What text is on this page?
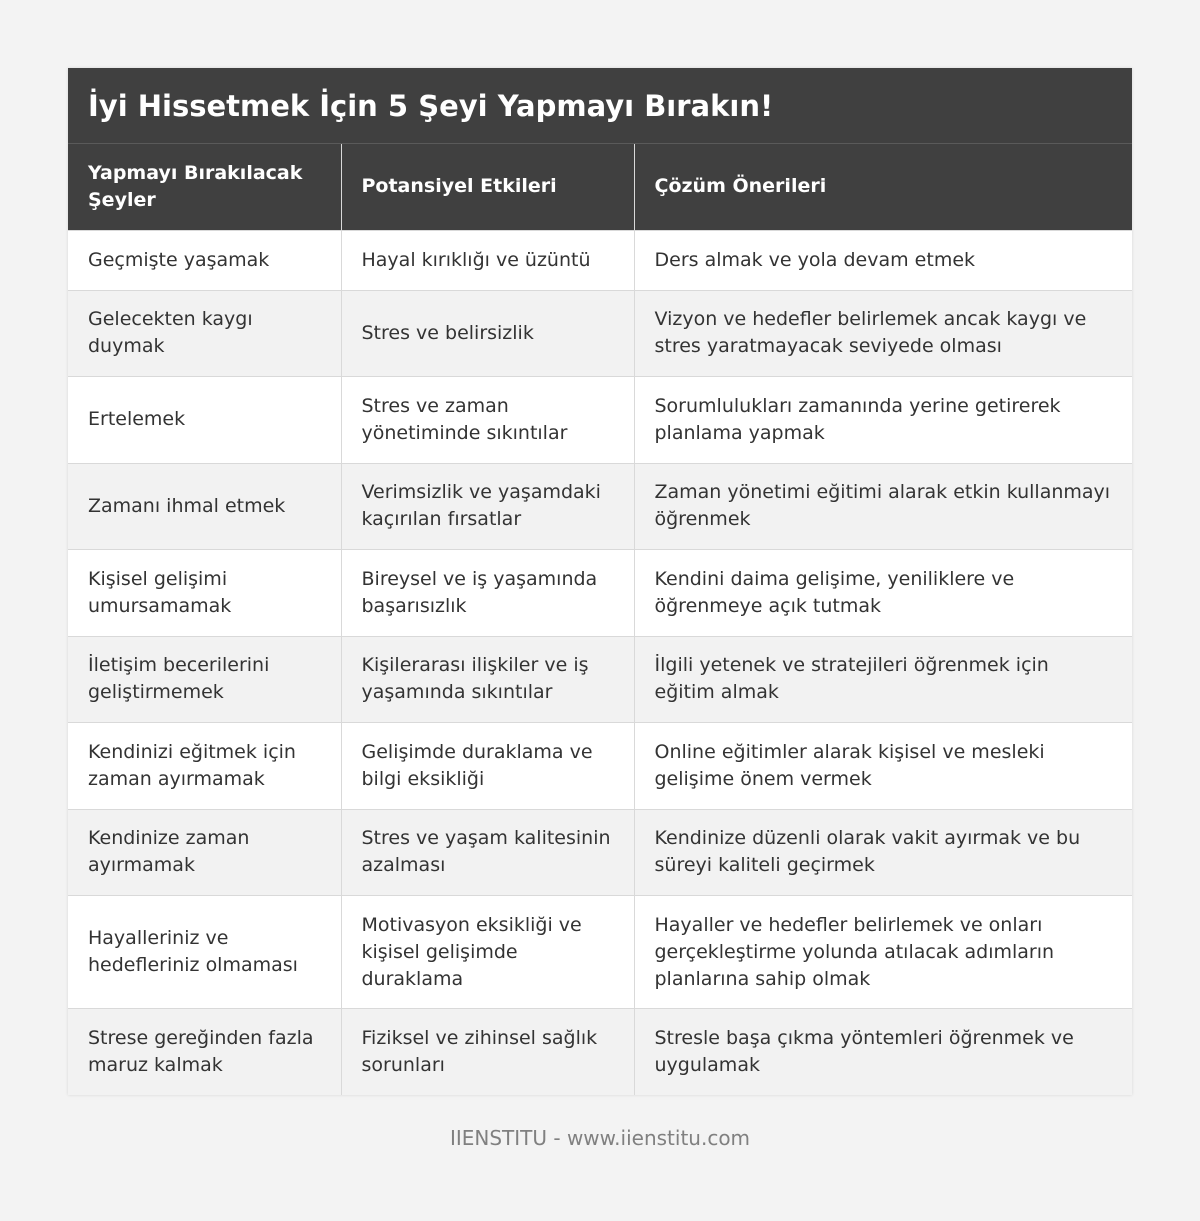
İyi Hissetmek İçin 5 Şeyi Yapmayı Bırakın!
Yapmayı Bırakılacak Şeyler	Potansiyel Etkileri	Çözüm Önerileri
Geçmişte yaşamak	Hayal kırıklığı ve üzüntü	Ders almak ve yola devam etmek
Gelecekten kaygı duymak	Stres ve belirsizlik	Vizyon ve hedefler belirlemek ancak kaygı ve stres yaratmayacak seviyede olması
Ertelemek	Stres ve zaman yönetiminde sıkıntılar	Sorumlulukları zamanında yerine getirerek planlama yapmak
Zamanı ihmal etmek	Verimsizlik ve yaşamdaki kaçırılan fırsatlar	Zaman yönetimi eğitimi alarak etkin kullanmayı öğrenmek
Kişisel gelişimi umursamamak	Bireysel ve iş yaşamında başarısızlık	Kendini daima gelişime, yeniliklere ve öğrenmeye açık tutmak
İletişim becerilerini geliştirmemek	Kişilerarası ilişkiler ve iş yaşamında sıkıntılar	İlgili yetenek ve stratejileri öğrenmek için eğitim almak
Kendinizi eğitmek için zaman ayırmamak	Gelişimde duraklama ve bilgi eksikliği	Online eğitimler alarak kişisel ve mesleki gelişime önem vermek
Kendinize zaman ayırmamak	Stres ve yaşam kalitesinin azalması	Kendinize düzenli olarak vakit ayırmak ve bu süreyi kaliteli geçirmek
Hayalleriniz ve hedefleriniz olmaması	Motivasyon eksikliği ve kişisel gelişimde duraklama	Hayaller ve hedefler belirlemek ve onları gerçekleştirme yolunda atılacak adımların planlarına sahip olmak
Strese gereğinden fazla maruz kalmak	Fiziksel ve zihinsel sağlık sorunları	Stresle başa çıkma yöntemleri öğrenmek ve uygulamak
IIENSTITU - www.iienstitu.com
